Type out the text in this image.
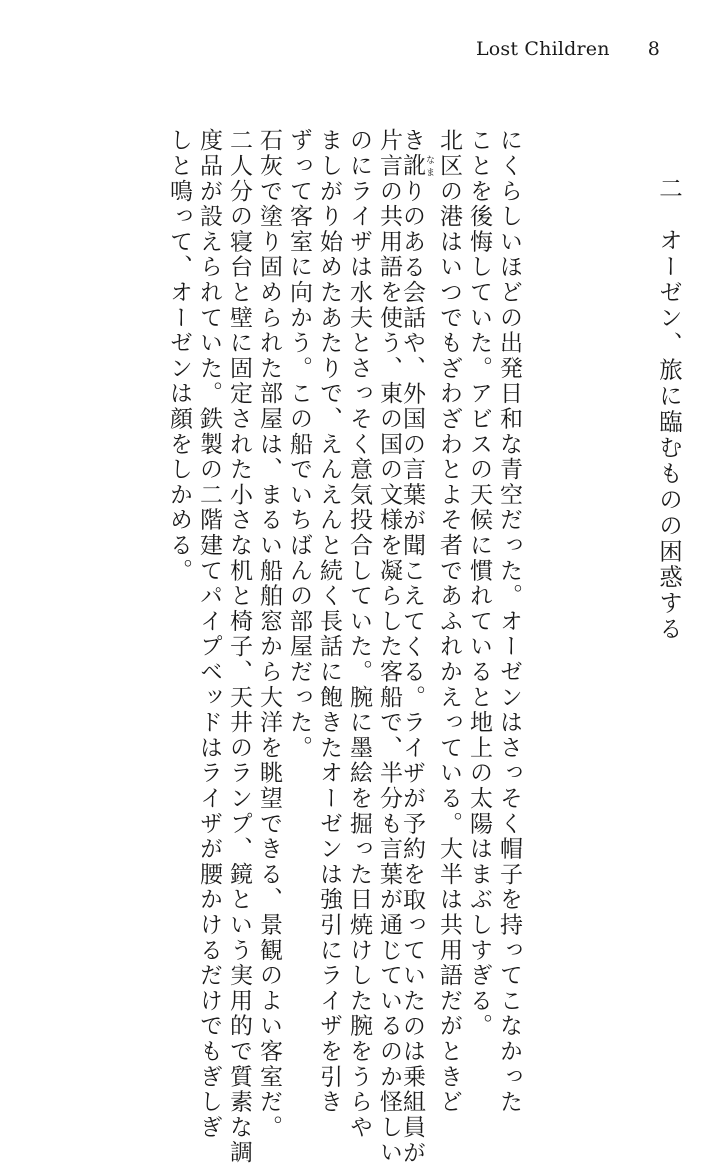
Lost Children 8
二　オーゼン、旅に臨むものの困惑する
にくらしいほどの出発日和な青空だった。オーゼンはさっそく帽子を持ってこなかった
ことを後悔していた。アビスの天候に慣れていると地上の太陽はまぶしすぎる。
北区の港はいつでもざわざわとよそ者であふれかえっている。大半は共用語だがときど
き訛 なまりのある会話や、外国の言葉が聞こえてくる。ライザが予約を取っていたのは乗組員が
片言の共用語を使う、東の国の文様を凝らした客船で、半分も言葉が通じているのか怪しい
のにライザは水夫とさっそく意気投合していた。腕に墨絵を掘った日焼けした腕をうらや
ましがり始めたあたりで、えんえんと続く長話に飽きたオーゼンは強引にライザを引き
ずって客室に向かう。この船でいちばんの部屋だった。
石灰で塗り固められた部屋は、まるい船舶窓から大洋を眺望できる、景観のよい客室だ。
二人分の寝台と壁に固定された小さな机と椅子、天井のランプ、鏡という実用的で質素な調
度品が設えられていた。鉄製の二階建てパイプベッドはライザが腰かけるだけでもぎしぎ
しと鳴って、オーゼンは顔をしかめる。
